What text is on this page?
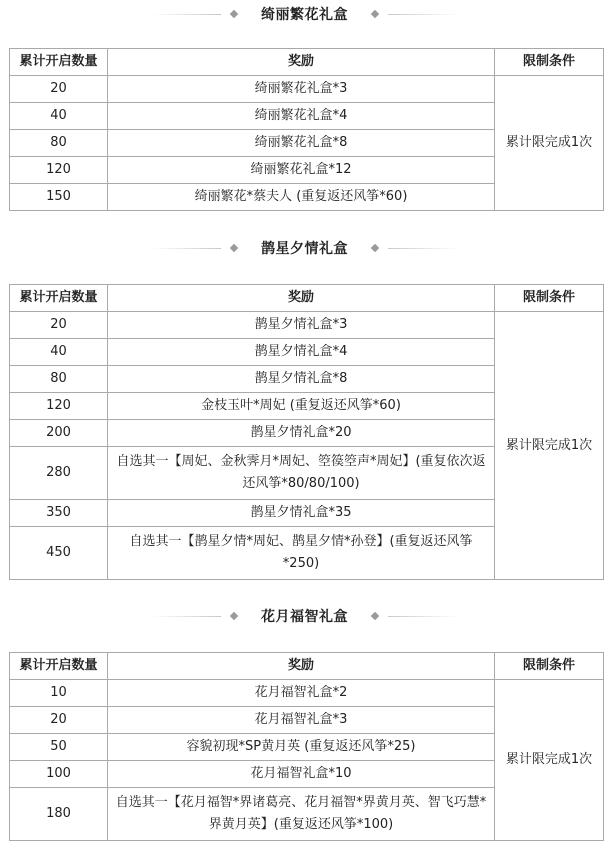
绮丽繁花礼盒
累计开启数量	奖励	限制条件
20	绮丽繁花礼盒*3	累计限完成1次
40	绮丽繁花礼盒*4	
80	绮丽繁花礼盒*8	
120	绮丽繁花礼盒*12	
150	绮丽繁花*蔡夫人 (重复返还风筝*60)	
鹊星夕情礼盒
累计开启数量	奖励	限制条件
20	鹊星夕情礼盒*3	累计限完成1次
40	鹊星夕情礼盒*4	
80	鹊星夕情礼盒*8	
120	金枝玉叶*周妃 (重复返还风筝*60)	
200	鹊星夕情礼盒*20	
280	自选其一【周妃、金秋霁月*周妃、箜篌箜声*周妃】(重复依次返还风筝*80/80/100)	
350	鹊星夕情礼盒*35	
450	自选其一【鹊星夕情*周妃、鹊星夕情*孙登】(重复返还风筝*250)	
花月福智礼盒
累计开启数量	奖励	限制条件
10	花月福智礼盒*2	累计限完成1次
20	花月福智礼盒*3	
50	容貌初现*SP黄月英 (重复返还风筝*25)	
100	花月福智礼盒*10	
180	自选其一【花月福智*界诸葛亮、花月福智*界黄月英、智飞巧慧*界黄月英】(重复返还风筝*100)	
